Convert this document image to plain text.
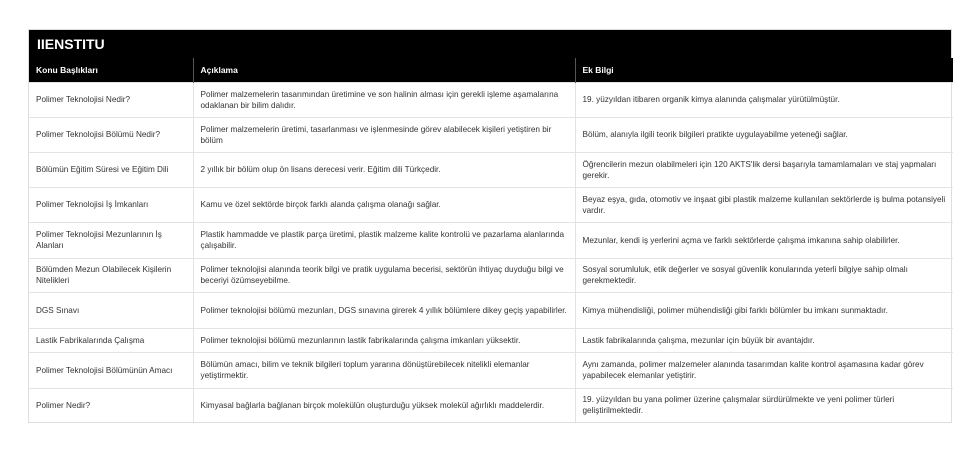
IIENSTITU
Konu Başlıkları	Açıklama	Ek Bilgi
Polimer Teknolojisi Nedir?	Polimer malzemelerin tasarımından üretimine ve son halinin alması için gerekli işleme aşamalarına odaklanan bir bilim dalıdır.	19. yüzyıldan itibaren organik kimya alanında çalışmalar yürütülmüştür.
Polimer Teknolojisi Bölümü Nedir?	Polimer malzemelerin üretimi, tasarlanması ve işlenmesinde görev alabilecek kişileri yetiştiren bir bölüm	Bölüm, alanıyla ilgili teorik bilgileri pratikte uygulayabilme yeteneği sağlar.
Bölümün Eğitim Süresi ve Eğitim Dili	2 yıllık bir bölüm olup ön lisans derecesi verir. Eğitim dili Türkçedir.	Öğrencilerin mezun olabilmeleri için 120 AKTS'lik dersi başarıyla tamamlamaları ve staj yapmaları gerekir.
Polimer Teknolojisi İş İmkanları	Kamu ve özel sektörde birçok farklı alanda çalışma olanağı sağlar.	Beyaz eşya, gıda, otomotiv ve inşaat gibi plastik malzeme kullanılan sektörlerde iş bulma potansiyeli vardır.
Polimer Teknolojisi Mezunlarının İş Alanları	Plastik hammadde ve plastik parça üretimi, plastik malzeme kalite kontrolü ve pazarlama alanlarında çalışabilir.	Mezunlar, kendi iş yerlerini açma ve farklı sektörlerde çalışma imkanına sahip olabilirler.
Bölümden Mezun Olabilecek Kişilerin Nitelikleri	Polimer teknolojisi alanında teorik bilgi ve pratik uygulama becerisi, sektörün ihtiyaç duyduğu bilgi ve beceriyi özümseyebilme.	Sosyal sorumluluk, etik değerler ve sosyal güvenlik konularında yeterli bilgiye sahip olmalı gerekmektedir.
DGS Sınavı	Polimer teknolojisi bölümü mezunları, DGS sınavına girerek 4 yıllık bölümlere dikey geçiş yapabilirler.	Kimya mühendisliği, polimer mühendisliği gibi farklı bölümler bu imkanı sunmaktadır.
Lastik Fabrikalarında Çalışma	Polimer teknolojisi bölümü mezunlarının lastik fabrikalarında çalışma imkanları yüksektir.	Lastik fabrikalarında çalışma, mezunlar için büyük bir avantajdır.
Polimer Teknolojisi Bölümünün Amacı	Bölümün amacı, bilim ve teknik bilgileri toplum yararına dönüştürebilecek nitelikli elemanlar yetiştirmektir.	Aynı zamanda, polimer malzemeler alanında tasarımdan kalite kontrol aşamasına kadar görev yapabilecek elemanlar yetiştirir.
Polimer Nedir?	Kimyasal bağlarla bağlanan birçok molekülün oluşturduğu yüksek molekül ağırlıklı maddelerdir.	19. yüzyıldan bu yana polimer üzerine çalışmalar sürdürülmekte ve yeni polimer türleri geliştirilmektedir.
